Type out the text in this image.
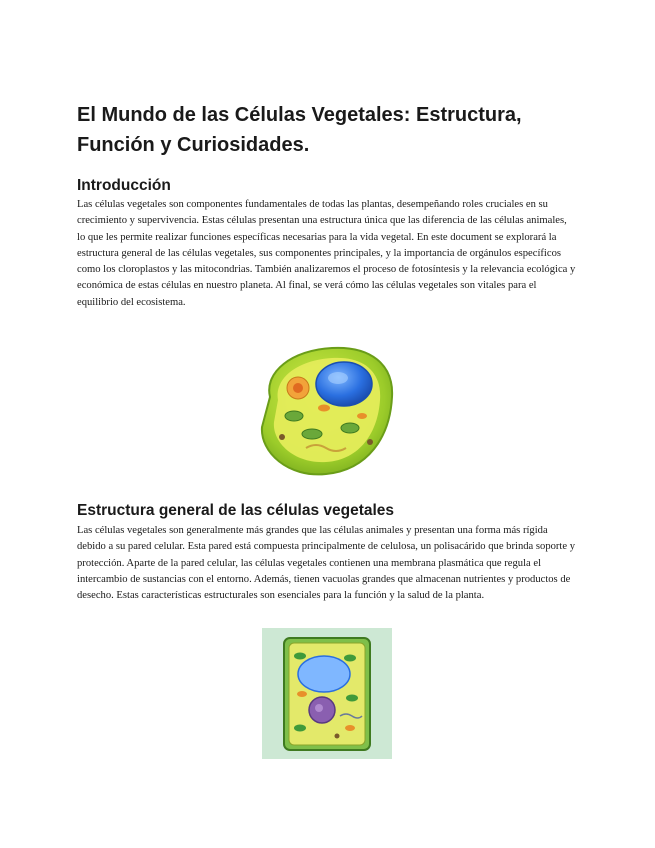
El Mundo de las Células Vegetales: Estructura, Función y Curiosidades.
Introducción

Las células vegetales son componentes fundamentales de todas las plantas, desempeñando roles cruciales en su crecimiento y supervivencia. Estas células presentan una estructura única que las diferencia de las células animales, lo que les permite realizar funciones específicas necesarias para la vida vegetal. En este document se explorará la estructura general de las células vegetales, sus componentes principales, y la importancia de orgánulos específicos como los cloroplastos y las mitocondrias. También analizaremos el proceso de fotosíntesis y la relevancia ecológica y económica de estas células en nuestro planeta. Al final, se verá cómo las células vegetales son vitales para el equilibrio del ecosistema.

Estructura general de las células vegetales

Las células vegetales son generalmente más grandes que las células animales y presentan una forma más rígida debido a su pared celular. Esta pared está compuesta principalmente de celulosa, un polisacárido que brinda soporte y protección. Aparte de la pared celular, las células vegetales contienen una membrana plasmática que regula el intercambio de sustancias con el entorno. Además, tienen vacuolas grandes que almacenan nutrientes y productos de desecho. Estas características estructurales son esenciales para la función y la salud de la planta.
